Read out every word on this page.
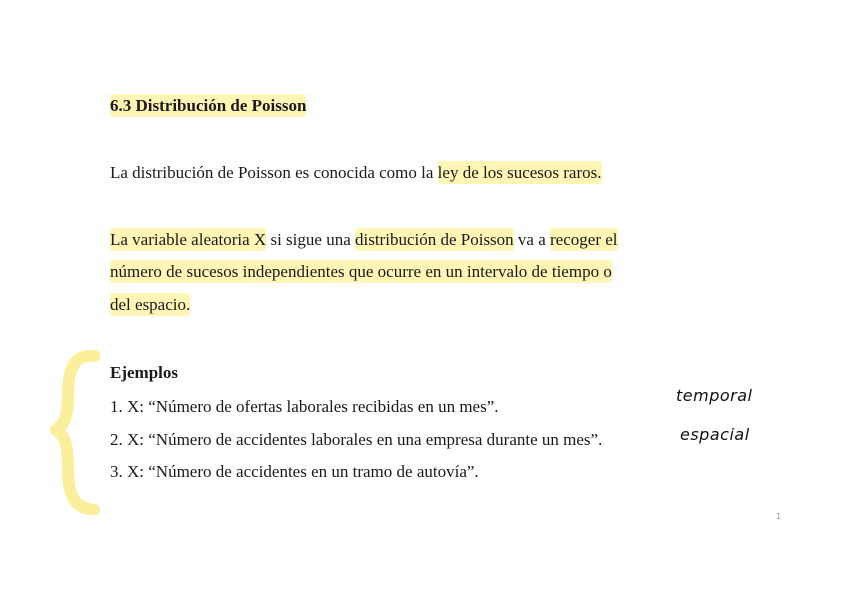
6.3 Distribución de Poisson
La distribución de Poisson es conocida como la ley de los sucesos raros.
La variable aleatoria X si sigue una distribución de Poisson va a recoger el
número de sucesos independientes que ocurre en un intervalo de tiempo o
del espacio.
Ejemplos
1. X: “Número de ofertas laborales recibidas en un mes”.
2. X: “Número de accidentes laborales en una empresa durante un mes”.
3. X: “Número de accidentes en un tramo de autovía”.
temporal
espacial
1
